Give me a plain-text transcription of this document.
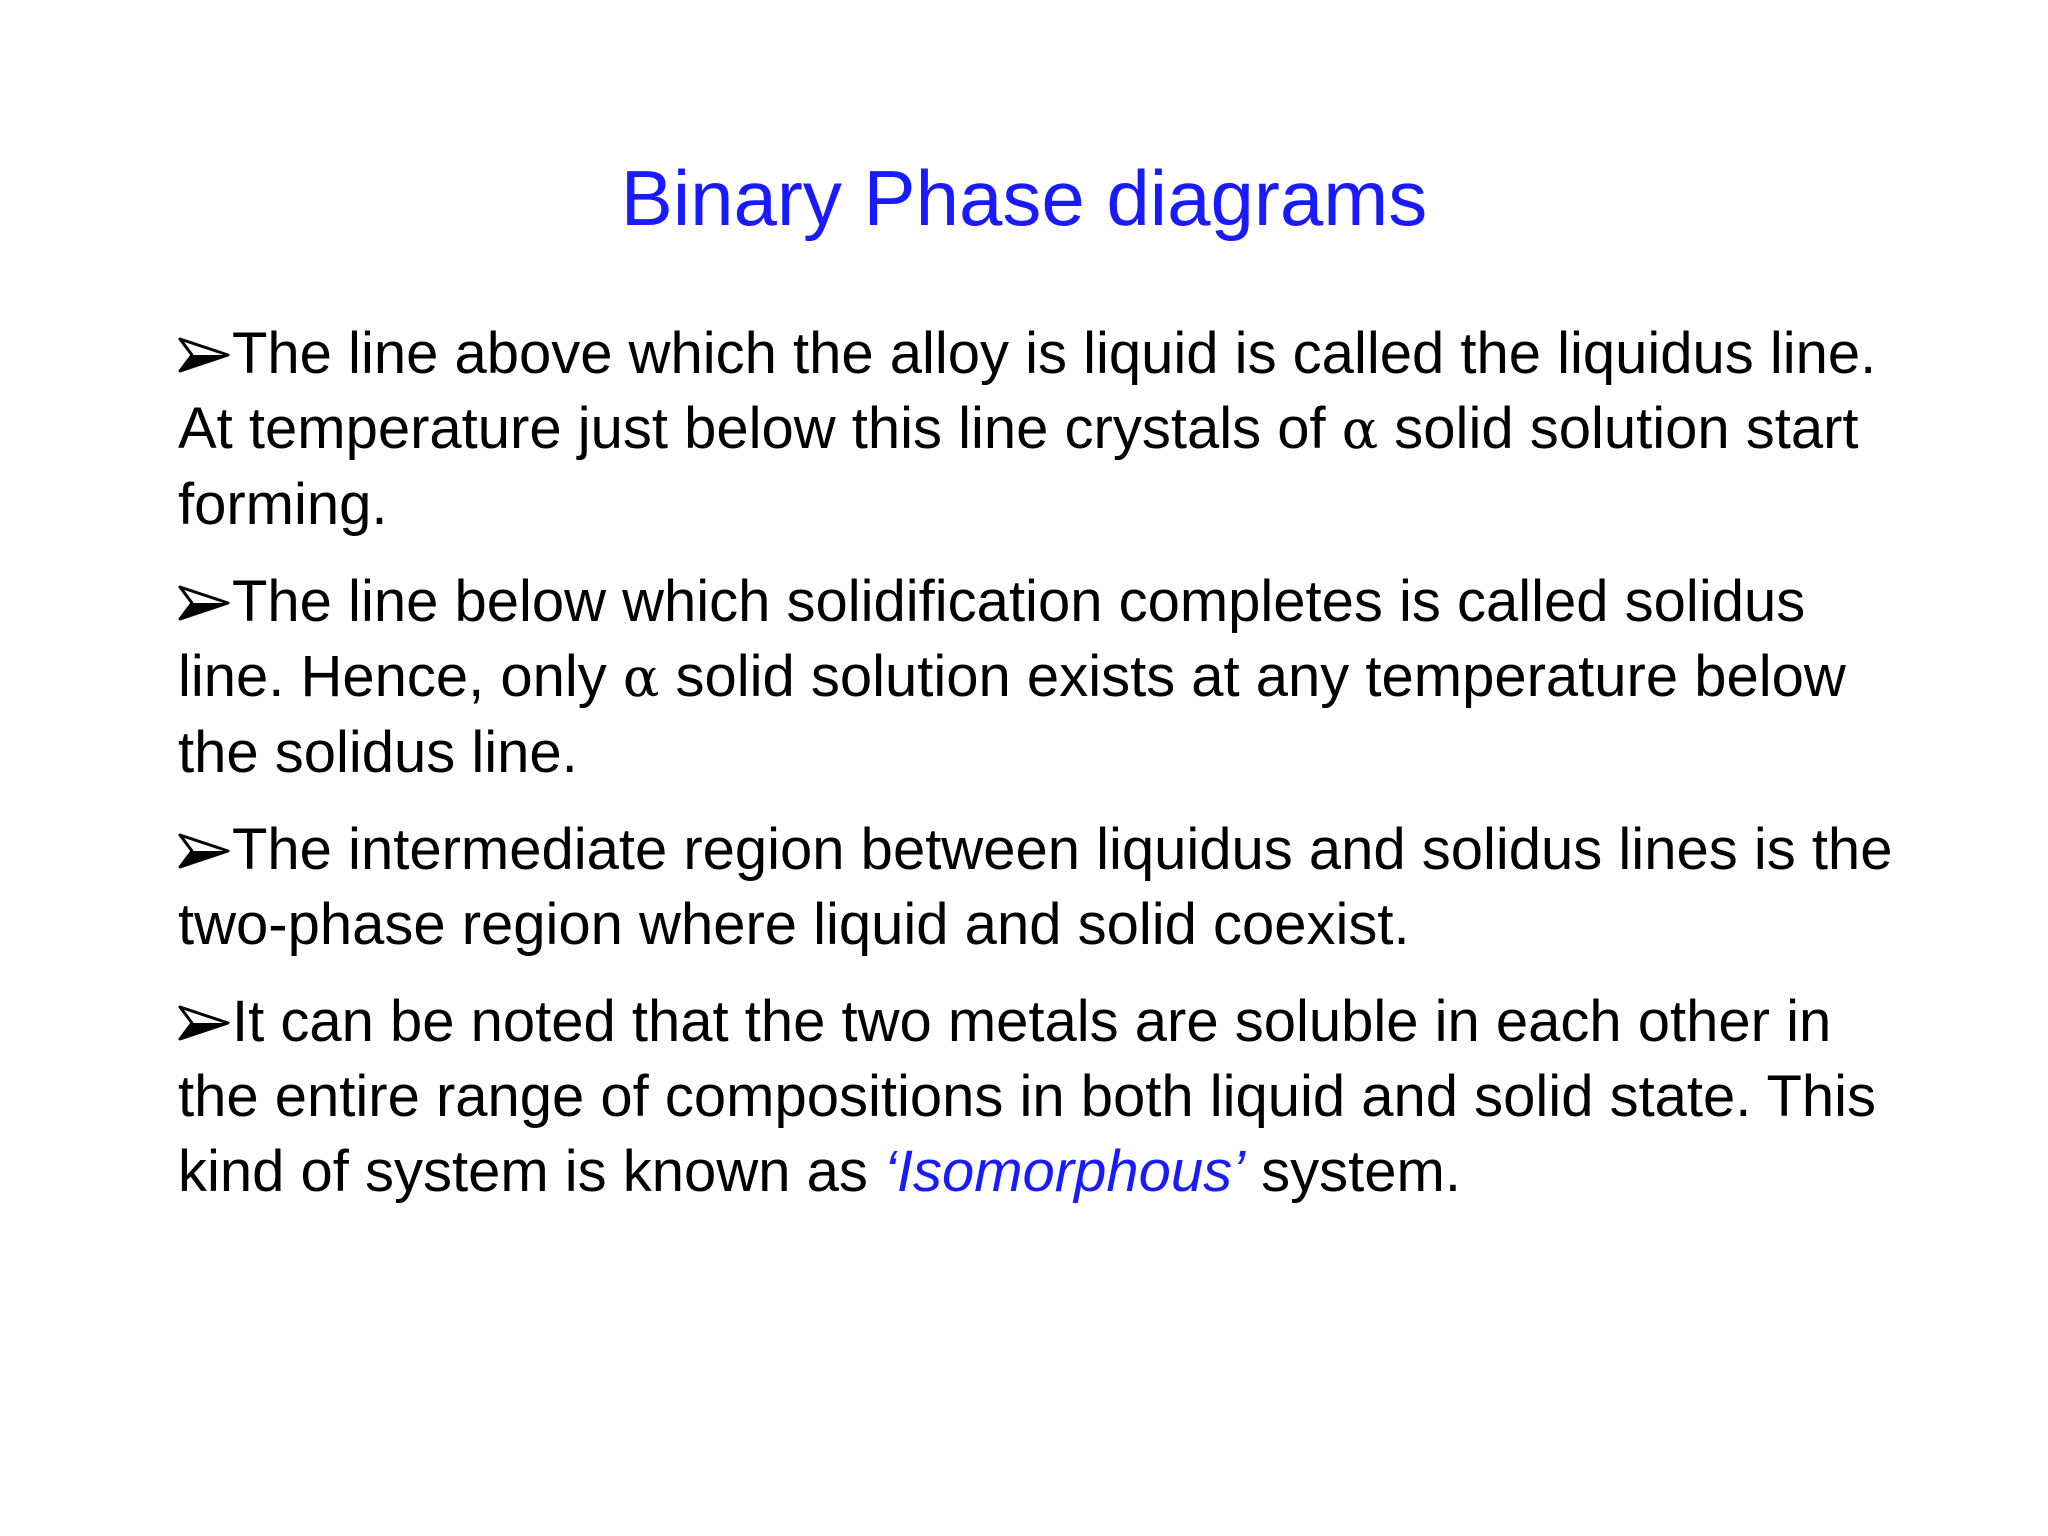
Binary Phase diagrams
The line above which the alloy is liquid is called the liquidus line. At temperature just below this line crystals of α solid solution start forming.
The line below which solidification completes is called solidus line. Hence, only α solid solution exists at any temperature below the solidus line.
The intermediate region between liquidus and solidus lines is the two-phase region where liquid and solid coexist.
It can be noted that the two metals are soluble in each other in the entire range of compositions in both liquid and solid state. This kind of system is known as ‘Isomorphous’ system.
